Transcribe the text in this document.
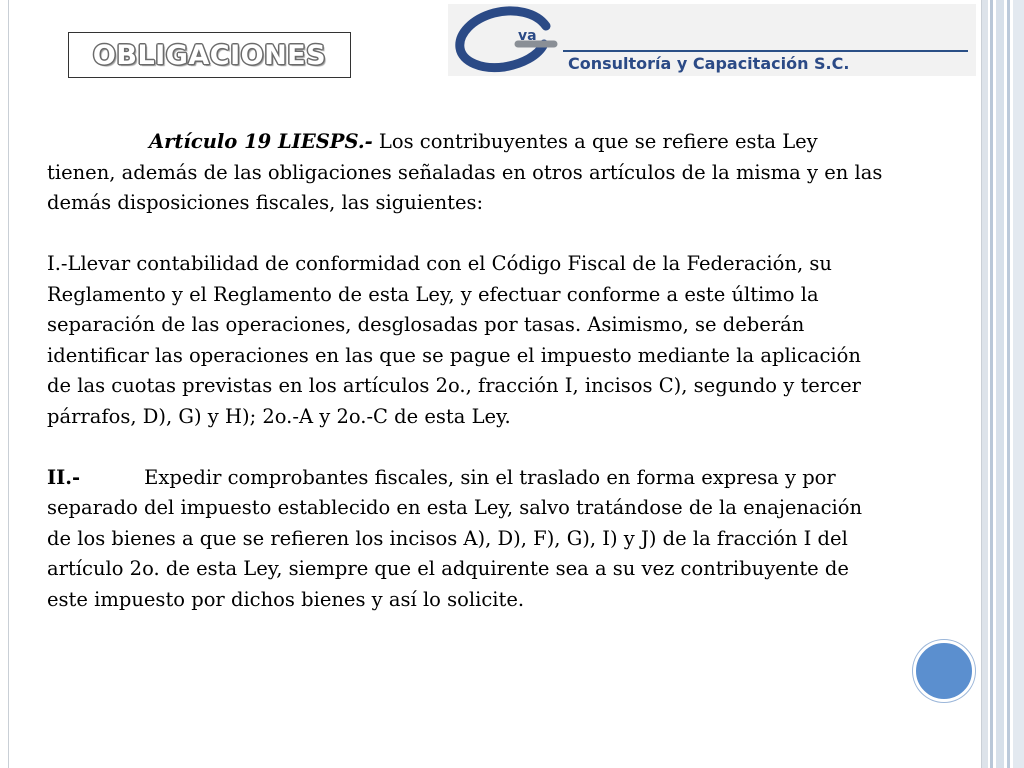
OBLIGACIONES
va
Consultoría y Capacitación S.C.

Artículo 19 LIESPS.- Los contribuyentes a que se refiere esta Ley tienen, además de las obligaciones señaladas en otros artículos de la misma y en las demás disposiciones fiscales, las siguientes:

I.-Llevar contabilidad de conformidad con el Código Fiscal de la Federación, su Reglamento y el Reglamento de esta Ley, y efectuar conforme a este último la separación de las operaciones, desglosadas por tasas. Asimismo, se deberán identificar las operaciones en las que se pague el impuesto mediante la aplicación de las cuotas previstas en los artículos 2o., fracción I, incisos C), segundo y tercer párrafos, D), G) y H); 2o.-A y 2o.-C de esta Ley.

II.-	Expedir comprobantes fiscales, sin el traslado en forma expresa y por separado del impuesto establecido en esta Ley, salvo tratándose de la enajenación de los bienes a que se refieren los incisos A), D), F), G), I) y J) de la fracción I del artículo 2o. de esta Ley, siempre que el adquirente sea a su vez contribuyente de este impuesto por dichos bienes y así lo solicite.
